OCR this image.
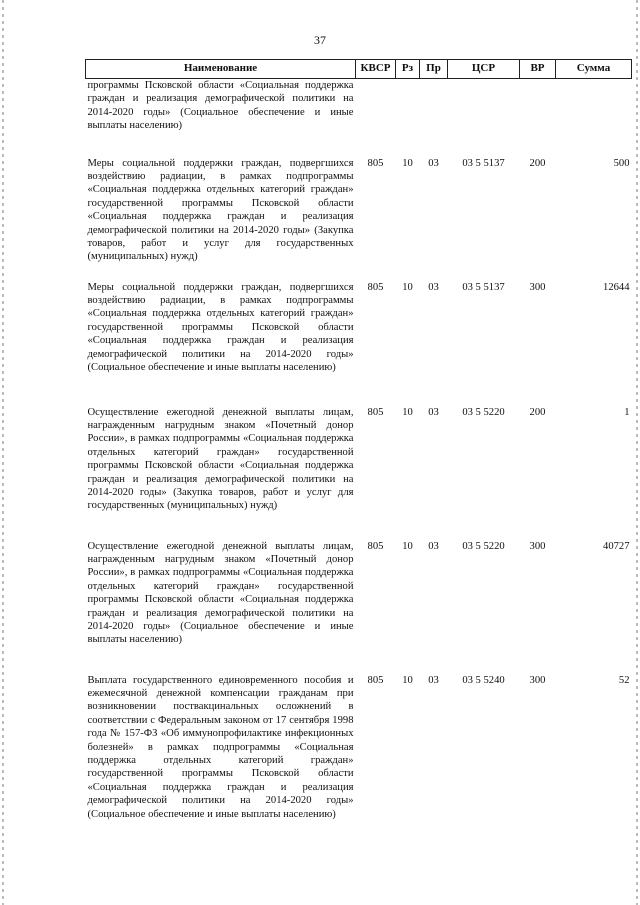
37
Наименование	КВСР	Рз	Пр	ЦСР	ВР	Сумма
программы Псковской области «Социальная поддержка граждан и реализация демографической политики на 2014-2020 годы» (Социальное обеспечение и иные выплаты населению)						
Меры социальной поддержки граждан, подвергшихся воздействию радиации, в рамках подпрограммы «Социальная поддержка отдельных категорий граждан» государственной программы Псковской области «Социальная поддержка граждан и реализация демографической политики на 2014-2020 годы» (Закупка товаров, работ и услуг для государственных (муниципальных) нужд)	805	10	03	03 5 5137	200	500
Меры социальной поддержки граждан, подвергшихся воздействию радиации, в рамках подпрограммы «Социальная поддержка отдельных категорий граждан» государственной программы Псковской области «Социальная поддержка граждан и реализация демографической политики на 2014-2020 годы» (Социальное обеспечение и иные выплаты населению)	805	10	03	03 5 5137	300	12644
Осуществление ежегодной денежной выплаты лицам, награжденным нагрудным знаком «Почетный донор России», в рамках подпрограммы «Социальная поддержка отдельных категорий граждан» государственной программы Псковской области «Социальная поддержка граждан и реализация демографической политики на 2014-2020 годы» (Закупка товаров, работ и услуг для государственных (муниципальных) нужд)	805	10	03	03 5 5220	200	1
Осуществление ежегодной денежной выплаты лицам, награжденным нагрудным знаком «Почетный донор России», в рамках подпрограммы «Социальная поддержка отдельных категорий граждан» государственной программы Псковской области «Социальная поддержка граждан и реализация демографической политики на 2014-2020 годы» (Социальное обеспечение и иные выплаты населению)	805	10	03	03 5 5220	300	40727
Выплата государственного единовременного пособия и ежемесячной денежной компенсации гражданам при возникновении поствакцинальных осложнений в соответствии с Федеральным законом от 17 сентября 1998 года № 157-ФЗ «Об иммунопрофилактике инфекционных болезней» в рамках подпрограммы «Социальная поддержка отдельных категорий граждан» государственной программы Псковской области «Социальная поддержка граждан и реализация демографической политики на 2014-2020 годы» (Социальное обеспечение и иные выплаты населению)	805	10	03	03 5 5240	300	52
